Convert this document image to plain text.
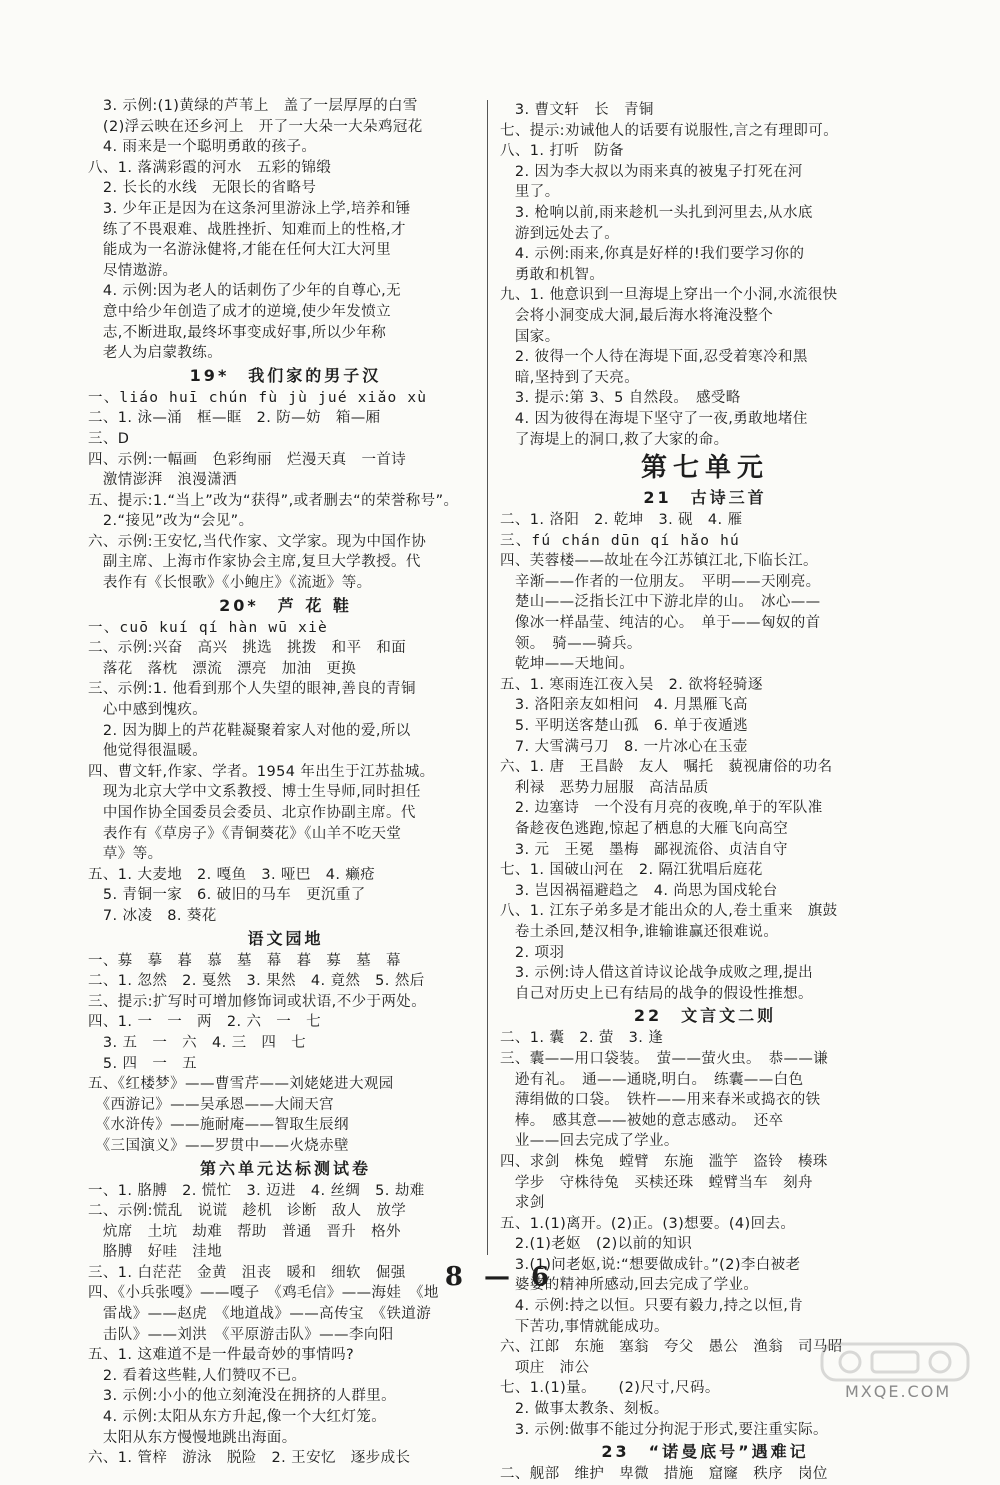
　3. 示例:(1)黄绿的芦苇上　盖了一层厚厚的白雪
　(2)浮云映在还乡河上　开了一大朵一大朵鸡冠花
　4. 雨来是一个聪明勇敢的孩子。
八、1. 落满彩霞的河水　五彩的锦缎
　2. 长长的水线　无限长的省略号
　3. 少年正是因为在这条河里游泳上学,培养和锤
　练了不畏艰难、战胜挫折、知难而上的性格,才
　能成为一名游泳健将,才能在任何大江大河里
　尽情遨游。
　4. 示例:因为老人的话刺伤了少年的自尊心,无
　意中给少年创造了成才的逆境,使少年发愤立
　志,不断进取,最终坏事变成好事,所以少年称
　老人为启蒙教练。
19*　我们家的男子汉
一、liáo huī chún fù jù jué xiǎo xù
二、1. 泳—涌　框—眶　2. 防—妨　箱—厢
三、D
四、示例:一幅画　色彩绚丽　烂漫天真　一首诗
　激情澎湃　浪漫潇洒
五、提示:1.“当上”改为“获得”,或者删去“的荣誉称号”。
　2.“接见”改为“会见”。
六、示例:王安忆,当代作家、文学家。现为中国作协
　副主席、上海市作家协会主席,复旦大学教授。代
　表作有《长恨歌》《小鲍庄》《流逝》等。
20*　芦 花 鞋
一、cuō kuí qí hàn wū xiè
二、示例:兴奋　高兴　挑选　挑拨　和平　和面
　落花　落枕　漂流　漂亮　加油　更换
三、示例:1. 他看到那个人失望的眼神,善良的青铜
　心中感到愧疚。
　2. 因为脚上的芦花鞋凝聚着家人对他的爱,所以
　他觉得很温暖。
四、曹文轩,作家、学者。1954 年出生于江苏盐城。
　现为北京大学中文系教授、博士生导师,同时担任
　中国作协全国委员会委员、北京作协副主席。代
　表作有《草房子》《青铜葵花》《山羊不吃天堂
　草》等。
五、1. 大麦地　2. 嘎鱼　3. 哑巴　4. 癞疮
　5. 青铜一家　6. 破旧的马车　更沉重了
　7. 冰凌　8. 葵花
语文园地
一、募　摹　暮　慕　墓　幕　暮　募　墓　幕
二、1. 忽然　2. 戛然　3. 果然　4. 竟然　5. 然后
三、提示:扩写时可增加修饰词或状语,不少于两处。
四、1. 一　一　两　2. 六　一　七
　3. 五　一　六　4. 三　四　七
　5. 四　一　五
五、《红楼梦》——曹雪芹——刘姥姥进大观园
　《西游记》——吴承恩——大闹天宫
　《水浒传》——施耐庵——智取生辰纲
　《三国演义》——罗贯中——火烧赤壁
第六单元达标测试卷
一、1. 胳膊　2. 慌忙　3. 迈进　4. 丝绸　5. 劫难
二、示例:慌乱　说谎　趁机　诊断　敌人　放学
　炕席　土坑　劫难　帮助　普通　晋升　格外
　胳膊　好哇　洼地
三、1. 白茫茫　金黄　沮丧　暖和　细软　倔强
四、《小兵张嘎》——嘎子　《鸡毛信》——海娃　《地
　雷战》——赵虎　《地道战》——高传宝　《铁道游
　击队》——刘洪　《平原游击队》——李向阳
五、1. 这难道不是一件最奇妙的事情吗?
　2. 看着这些鞋,人们赞叹不已。
　3. 示例:小小的他立刻淹没在拥挤的人群里。
　4. 示例:太阳从东方升起,像一个大红灯笼。
　太阳从东方慢慢地跳出海面。
六、1. 管梓　游泳　脱险　2. 王安忆　逐步成长
　3. 曹文轩　长　青铜
七、提示:劝诫他人的话要有说服性,言之有理即可。
八、1. 打听　防备
　2. 因为李大叔以为雨来真的被鬼子打死在河
　里了。
　3. 枪响以前,雨来趁机一头扎到河里去,从水底
　游到远处去了。
　4. 示例:雨来,你真是好样的!我们要学习你的
　勇敢和机智。
九、1. 他意识到一旦海堤上穿出一个小洞,水流很快
　会将小洞变成大洞,最后海水将淹没整个
　国家。
　2. 彼得一个人待在海堤下面,忍受着寒冷和黑
　暗,坚持到了天亮。
　3. 提示:第 3、5 自然段。　感受略
　4. 因为彼得在海堤下坚守了一夜,勇敢地堵住
　了海堤上的洞口,救了大家的命。
第七单元
21　古诗三首
二、1. 洛阳　2. 乾坤　3. 砚　4. 雁
三、fú chán dūn qí hǎo hú
四、芙蓉楼——故址在今江苏镇江北,下临长江。
　辛渐——作者的一位朋友。　平明——天刚亮。
　楚山——泛指长江中下游北岸的山。　冰心——
　像冰一样晶莹、纯洁的心。　单于——匈奴的首
　领。　骑——骑兵。
　乾坤——天地间。
五、1. 寒雨连江夜入吴　2. 欲将轻骑逐
　3. 洛阳亲友如相问　4. 月黑雁飞高
　5. 平明送客楚山孤　6. 单于夜遁逃
　7. 大雪满弓刀　8. 一片冰心在玉壶
六、1. 唐　王昌龄　友人　嘱托　藐视庸俗的功名
　利禄　恶势力屈服　高洁品质
　2. 边塞诗　一个没有月亮的夜晚,单于的军队准
　备趁夜色逃跑,惊起了栖息的大雁飞向高空
　3. 元　王冕　墨梅　鄙视流俗、贞洁自守
七、1. 国破山河在　2. 隔江犹唱后庭花
　3. 岂因祸福避趋之　4. 尚思为国戍轮台
八、1. 江东子弟多是才能出众的人,卷土重来　旗鼓
　卷土杀回,楚汉相争,谁输谁赢还很难说。
　2. 项羽
　3. 示例:诗人借这首诗议论战争成败之理,提出
　自己对历史上已有结局的战争的假设性推想。
22　文言文二则
二、1. 囊　2. 萤　3. 逢
三、囊——用口袋装。　萤——萤火虫。　恭——谦
　逊有礼。　通——通晓,明白。　练囊——白色
　薄绢做的口袋。　铁杵——用来春米或捣衣的铁
　棒。　感其意——被她的意志感动。　还卒
　业——回去完成了学业。
四、求剑　株兔　螳臂　东施　滥竽　盗铃　楱珠
　学步　守株待兔　买椟还珠　螳臂当车　刻舟
　求剑
五、1.(1)离开。(2)正。(3)想要。(4)回去。
　2.(1)老妪　(2)以前的知识
　3.(1)问老妪,说:“想要做成针。”(2)李白被老
　婆婆的精神所感动,回去完成了学业。
　4. 示例:持之以恒。只要有毅力,持之以恒,肯
　下苦功,事情就能成功。
六、江郎　东施　塞翁　夸父　愚公　渔翁　司马昭
　项庄　沛公
七、1.(1)量。　　(2)尺寸,尺码。
　2. 做事太教条、刻板。
　3. 示例:做事不能过分拘泥于形式,要注重实际。
23　“诺曼底号”遇难记
二、舰部　维护　卑微　措施　窟窿　秩序　岗位
8 — 6
MXQE.COM
